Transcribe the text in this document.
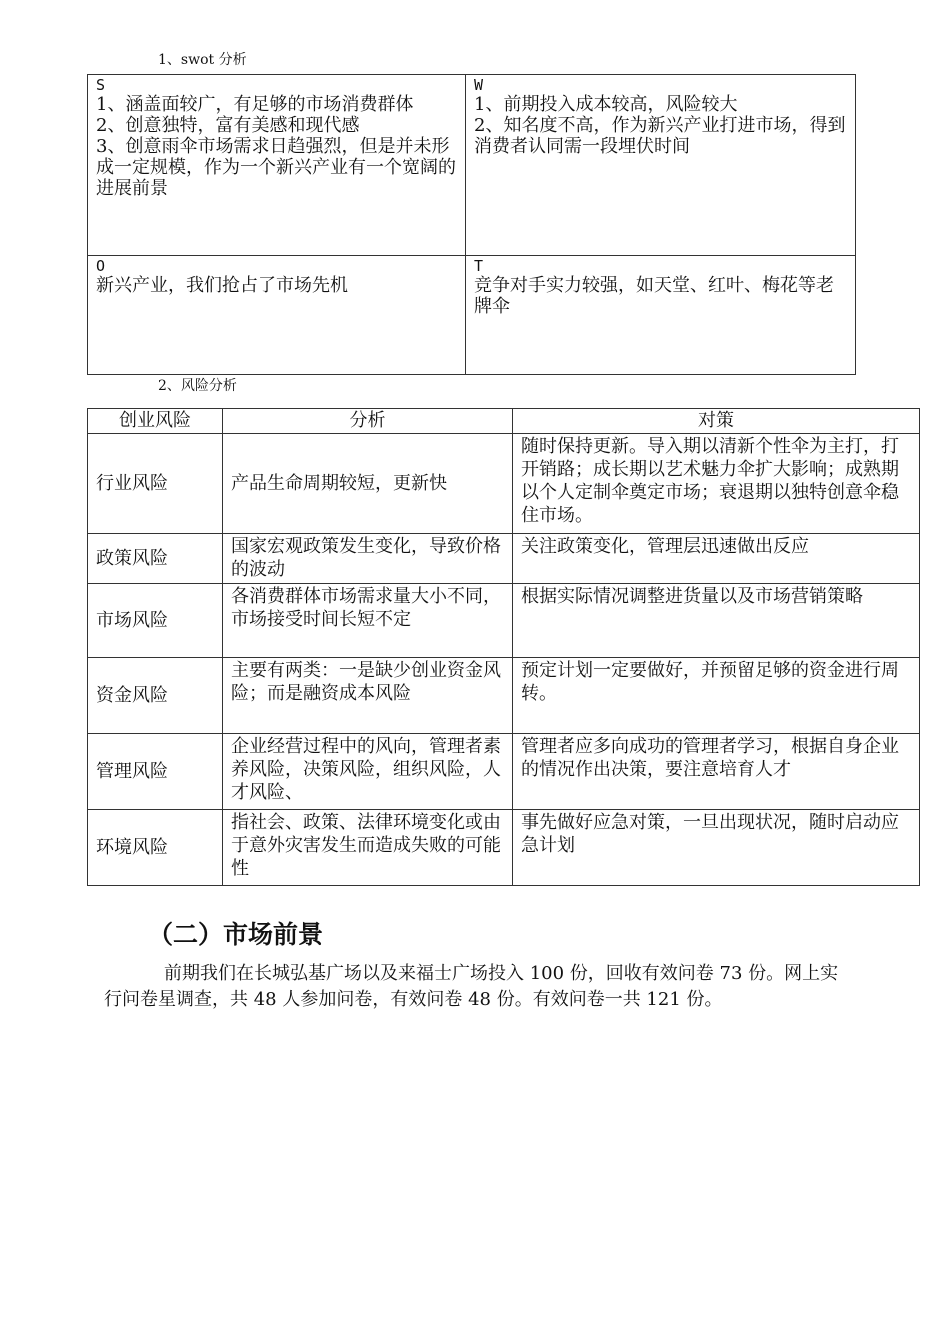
1、swot 分析
S
1、涵盖面较广，有足够的市场消费群体
2、创意独特，富有美感和现代感
3、创意雨伞市场需求日趋强烈，但是并未形成一定规模，作为一个新兴产业有一个宽阔的进展前景	W
1、前期投入成本较高，风险较大
2、知名度不高，作为新兴产业打进市场，得到消费者认同需一段埋伏时间

O
新兴产业，我们抢占了市场先机	T
竞争对手实力较强，如天堂、红叶、梅花等老牌伞
2、风险分析
创业风险	分析	对策
行业风险	产品生命周期较短，更新快	随时保持更新。导入期以清新个性伞为主打，打开销路；成长期以艺术魅力伞扩大影响；成熟期以个人定制伞奠定市场；衰退期以独特创意伞稳住市场。
政策风险	国家宏观政策发生变化，导致价格的波动	关注政策变化，管理层迅速做出反应
市场风险	各消费群体市场需求量大小不同，市场接受时间长短不定	根据实际情况调整进货量以及市场营销策略
资金风险	主要有两类：一是缺少创业资金风险；而是融资成本风险	预定计划一定要做好，并预留足够的资金进行周转。
管理风险	企业经营过程中的风向，管理者素养风险，决策风险，组织风险，人才风险、	管理者应多向成功的管理者学习，根据自身企业的情况作出决策，要注意培育人才
环境风险	指社会、政策、法律环境变化或由于意外灾害发生而造成失败的可能性	事先做好应急对策，一旦出现状况，随时启动应急计划
（二）市场前景

前期我们在长城弘基广场以及来福士广场投入 100 份，回收有效问卷 73 份。网上实行问卷星调查，共 48 人参加问卷，有效问卷 48 份。有效问卷一共 121 份。
